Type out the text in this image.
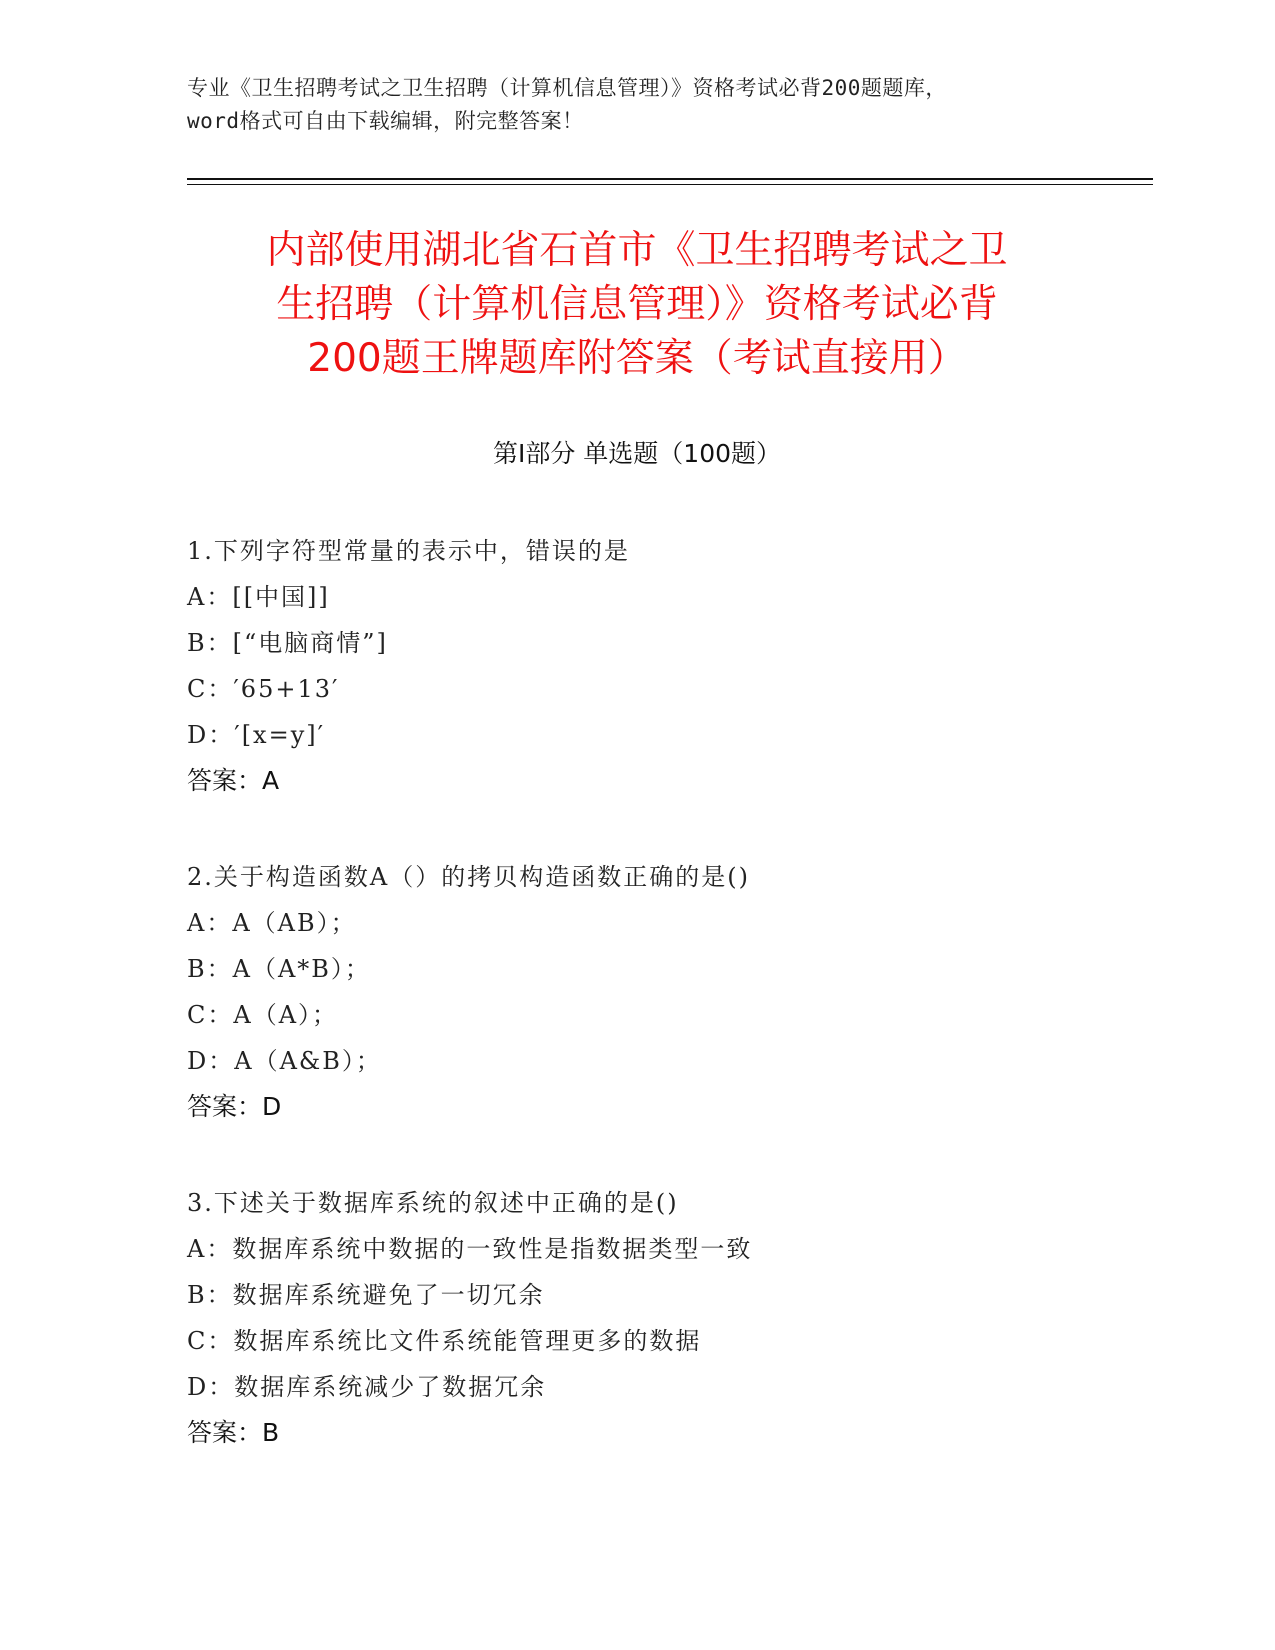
专业《卫生招聘考试之卫生招聘（计算机信息管理）》资格考试必背200题题库，
word格式可自由下载编辑，附完整答案！
内部使用湖北省石首市《卫生招聘考试之卫
生招聘（计算机信息管理）》资格考试必背
200题王牌题库附答案（考试直接用）
第Ⅰ部分 单选题（100题）
1.下列字符型常量的表示中，错误的是
A：[[中国]]
B：[“电脑商情”]
C：′65+13′
D：′[x=y]′
答案：A
2.关于构造函数A（）的拷贝构造函数正确的是()
A：A（AB）；
B：A（A*B）；
C：A（A）；
D：A（A&B）；
答案：D
3.下述关于数据库系统的叙述中正确的是()
A：数据库系统中数据的一致性是指数据类型一致
B：数据库系统避免了一切冗余
C：数据库系统比文件系统能管理更多的数据
D：数据库系统减少了数据冗余
答案：B
